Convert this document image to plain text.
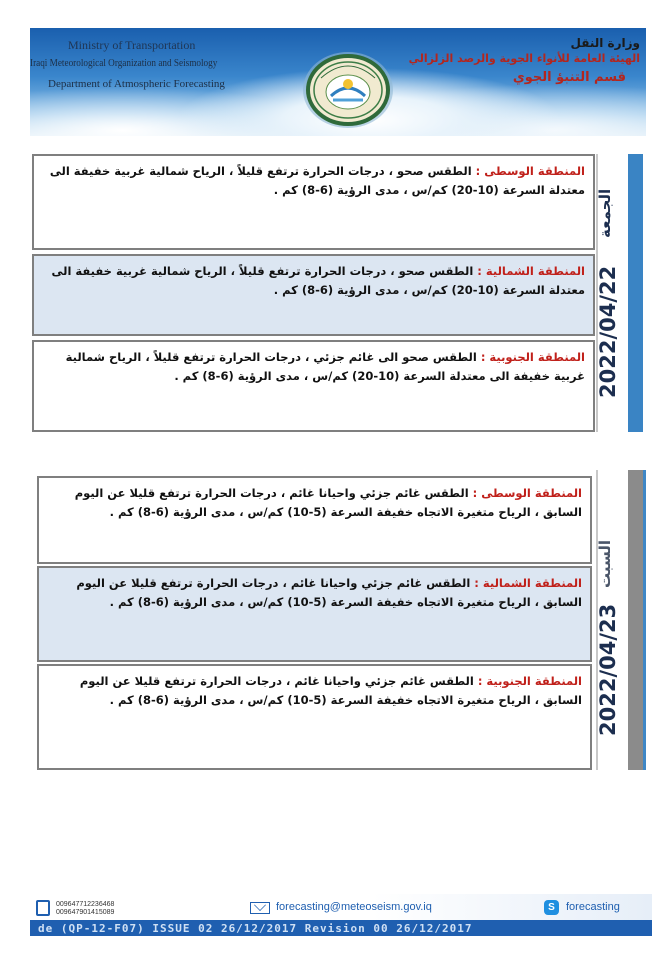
Ministry of Transportation
Iraqi Meteorological Organization and Seismology
Department of Atmospheric Forecasting
وزارة النقل
الهيئة العامة للأنواء الجوية والرصد الزلزالي
قسم التنبؤ الجوي
المنطقة الوسطى : الطقس صحو ، درجات الحرارة ترتفع قليلاً ، الرياح شمالية غربية خفيفة الى معتدلة السرعة (10-20) كم/س ، مدى الرؤية (6-8) كم .
المنطقة الشمالية : الطقس صحو ، درجات الحرارة ترتفع قليلاً ، الرياح شمالية غربية خفيفة الى معتدلة السرعة (10-20) كم/س ، مدى الرؤية (6-8) كم .
المنطقة الجنوبية : الطقس صحو الى غائم جزئي ، درجات الحرارة ترتفع قليلاً ، الرياح شمالية غربية خفيفة الى معتدلة السرعة (10-20) كم/س ، مدى الرؤية (6-8) كم .
الجمعة
2022/04/22
المنطقة الوسطى : الطقس غائم جزئي واحيانا غائم ، درجات الحرارة ترتفع قليلا عن اليوم السابق ، الرياح متغيرة الاتجاه خفيفة السرعة (5-10) كم/س ، مدى الرؤية (6-8) كم .
المنطقة الشمالية : الطقس غائم جزئي واحيانا غائم ، درجات الحرارة ترتفع قليلا عن اليوم السابق ، الرياح متغيرة الاتجاه خفيفة السرعة (5-10) كم/س ، مدى الرؤية (6-8) كم .
المنطقة الجنوبية : الطقس غائم جزئي واحيانا غائم ، درجات الحرارة ترتفع قليلا عن اليوم السابق ، الرياح متغيرة الاتجاه خفيفة السرعة (5-10) كم/س ، مدى الرؤية (6-8) كم .
السبت
2022/04/23
009647712236468
009647901415089	forecasting@meteoseism.gov.iq	S	forecasting
de (QP-12-F07) ISSUE 02 26/12/2017 Revision 00 26/12/2017
